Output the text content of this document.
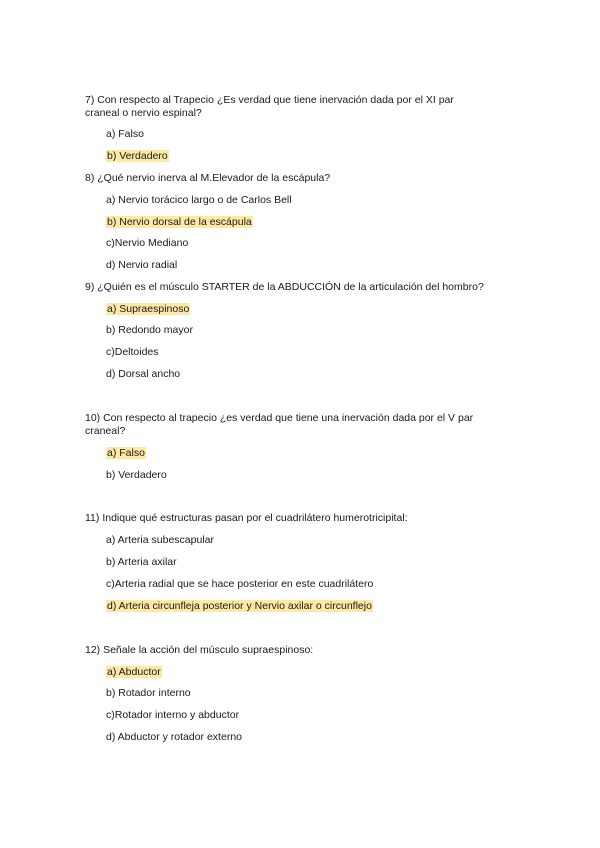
7) Con respecto al Trapecio ¿Es verdad que tiene inervación dada por el XI par
craneal o nervio espinal?
a) Falso
b) Verdadero
8) ¿Qué nervio inerva al M.Elevador de la escápula?
a) Nervio torácico largo o de Carlos Bell
b) Nervio dorsal de la escápula
c)Nervio Mediano
d) Nervio radial
9) ¿Quién es el músculo STARTER de la ABDUCCIÓN de la articulación del hombro?
a) Supraespinoso
b) Redondo mayor
c)Deltoides
d) Dorsal ancho
10) Con respecto al trapecio ¿es verdad que tiene una inervación dada por el V par
craneal?
a) Falso
b) Verdadero
11) Indique qué estructuras pasan por el cuadrilátero humerotricipital:
a) Arteria subescapular
b) Arteria axilar
c)Arteria radial que se hace posterior en este cuadrilátero
d) Arteria circunfleja posterior y Nervio axilar o circunflejo
12) Señale la acción del músculo supraespinoso:
a) Abductor
b) Rotador interno
c)Rotador interno y abductor
d) Abductor y rotador externo
